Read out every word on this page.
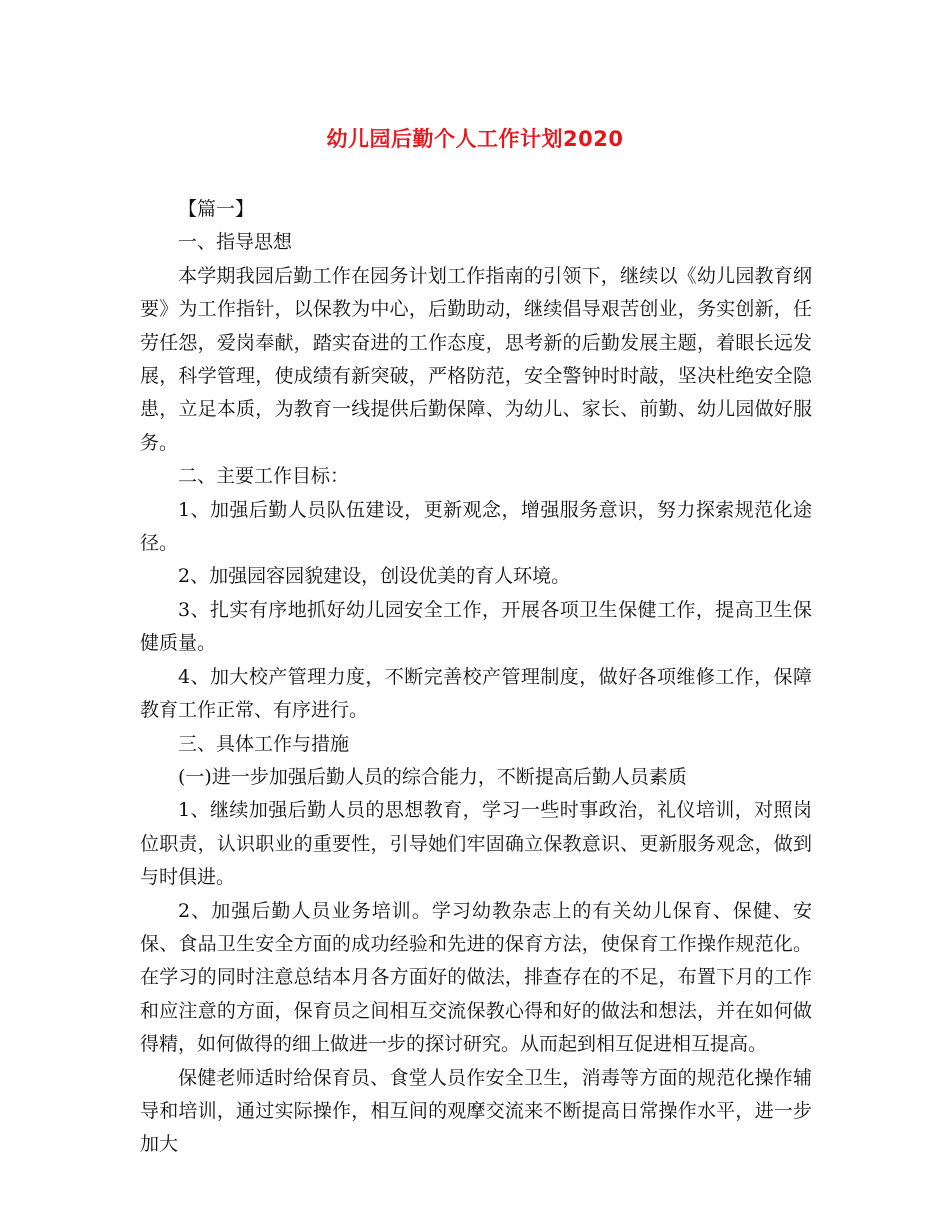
幼儿园后勤个人工作计划2020

【篇一】

一、指导思想

本学期我园后勤工作在园务计划工作指南的引领下，继续以《幼儿园教育纲要》为工作指针，以保教为中心，后勤助动，继续倡导艰苦创业，务实创新，任劳任怨，爱岗奉献，踏实奋进的工作态度，思考新的后勤发展主题，着眼长远发展，科学管理，使成绩有新突破，严格防范，安全警钟时时敲，坚决杜绝安全隐患，立足本质，为教育一线提供后勤保障、为幼儿、家长、前勤、幼儿园做好服务。

二、主要工作目标：

1、加强后勤人员队伍建设，更新观念，增强服务意识，努力探索规范化途径。

2、加强园容园貌建设，创设优美的育人环境。

3、扎实有序地抓好幼儿园安全工作，开展各项卫生保健工作，提高卫生保健质量。

4、加大校产管理力度，不断完善校产管理制度，做好各项维修工作，保障教育工作正常、有序进行。

三、具体工作与措施

(一)进一步加强后勤人员的综合能力，不断提高后勤人员素质

1、继续加强后勤人员的思想教育，学习一些时事政治，礼仪培训，对照岗位职责，认识职业的重要性，引导她们牢固确立保教意识、更新服务观念，做到与时俱进。

2、加强后勤人员业务培训。学习幼教杂志上的有关幼儿保育、保健、安保、食品卫生安全方面的成功经验和先进的保育方法，使保育工作操作规范化。在学习的同时注意总结本月各方面好的做法，排查存在的不足，布置下月的工作和应注意的方面，保育员之间相互交流保教心得和好的做法和想法，并在如何做得精，如何做得的细上做进一步的探讨研究。从而起到相互促进相互提高。

保健老师适时给保育员、食堂人员作安全卫生，消毒等方面的规范化操作辅导和培训，通过实际操作，相互间的观摩交流来不断提高日常操作水平，进一步加大
